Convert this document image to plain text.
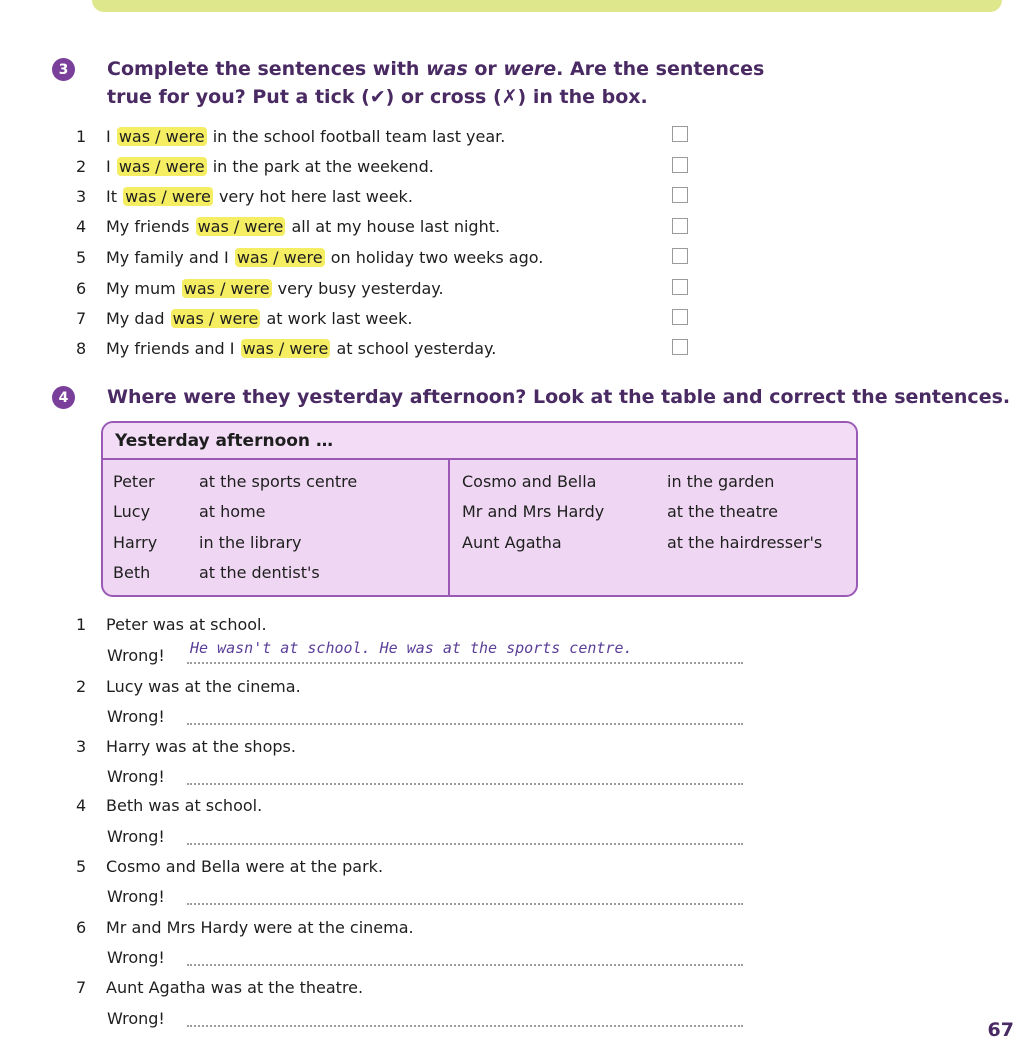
3	Complete the sentences with was or were. Are the sentences
true for you? Put a tick (✔) or cross (✗) in the box.
1 I was / were in the school football team last year.
2 I was / were in the park at the weekend.
3 It was / were very hot here last week.
4 My friends was / were all at my house last night.
5 My family and I was / were on holiday two weeks ago.
6 My mum was / were very busy yesterday.
7 My dad was / were at work last week.
8 My friends and I was / were at school yesterday.
4	Where were they yesterday afternoon? Look at the table and correct the sentences.
Yesterday afternoon …
Peter	at the sports centre
Lucy	at home
Harry	in the library
Beth	at the dentist's
Cosmo and Bella	in the garden
Mr and Mrs Hardy	at the theatre
Aunt Agatha	at the hairdresser's
1 Peter was at school.
Wrong! He wasn't at school. He was at the sports centre.
2 Lucy was at the cinema.
Wrong!
3 Harry was at the shops.
Wrong!
4 Beth was at school.
Wrong!
5 Cosmo and Bella were at the park.
Wrong!
6 Mr and Mrs Hardy were at the cinema.
Wrong!
7 Aunt Agatha was at the theatre.
Wrong!
67
